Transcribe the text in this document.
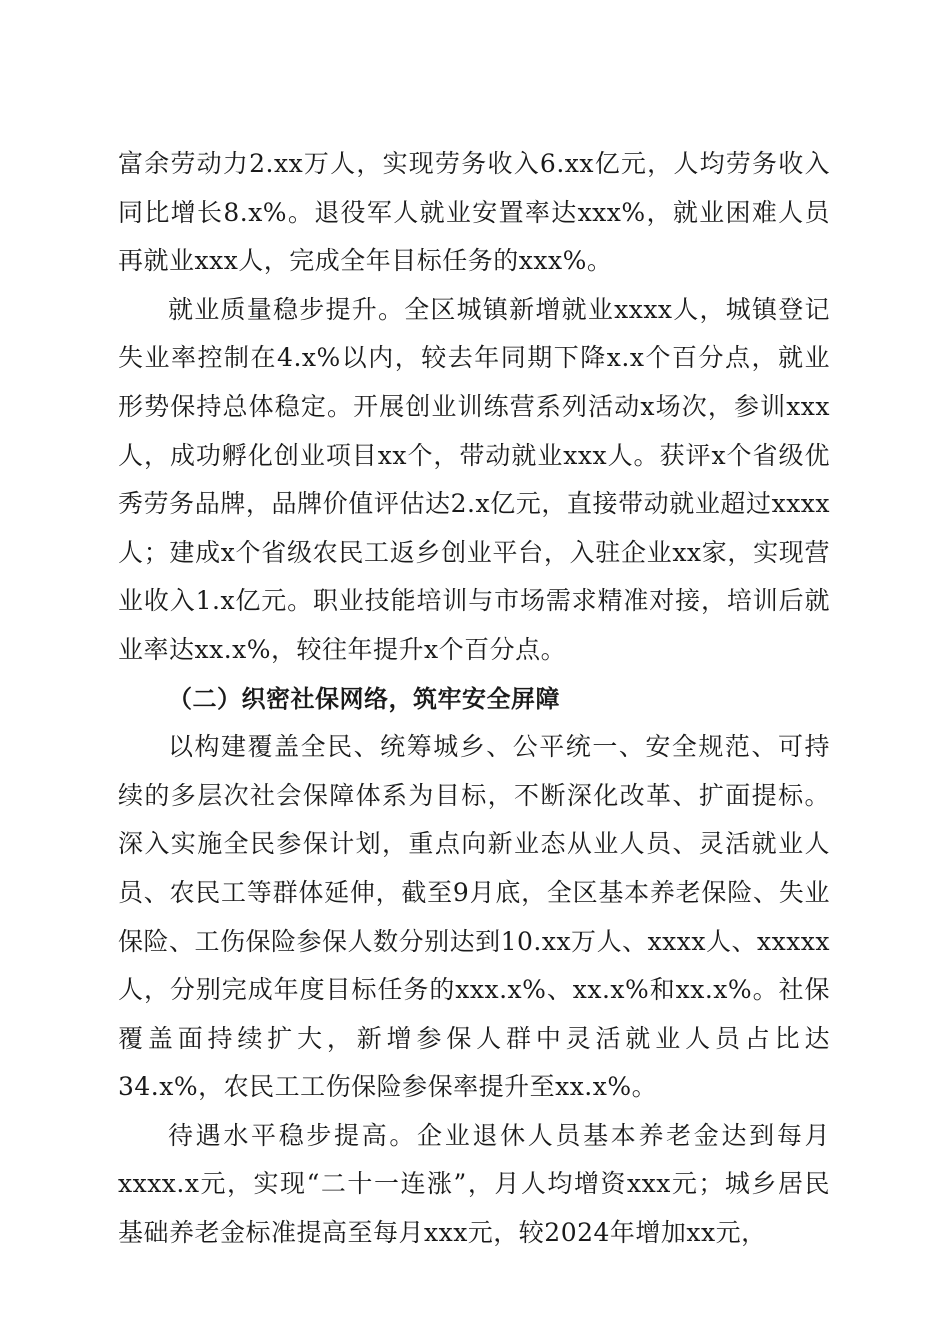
富余劳动力2.xx万人，实现劳务收入6.xx亿元，人均劳务收入同比增长8.x%。退役军人就业安置率达xxx%，就业困难人员再就业xxx人，完成全年目标任务的xxx%。

就业质量稳步提升。全区城镇新增就业xxxx人，城镇登记失业率控制在4.x%以内，较去年同期下降x.x个百分点，就业形势保持总体稳定。开展创业训练营系列活动x场次，参训xxx人，成功孵化创业项目xx个，带动就业xxx人。获评x个省级优秀劳务品牌，品牌价值评估达2.x亿元，直接带动就业超过xxxx人；建成x个省级农民工返乡创业平台，入驻企业xx家，实现营业收入1.x亿元。职业技能培训与市场需求精准对接，培训后就业率达xx.x%，较往年提升x个百分点。

（二）织密社保网络，筑牢安全屏障

以构建覆盖全民、统筹城乡、公平统一、安全规范、可持续的多层次社会保障体系为目标，不断深化改革、扩面提标。深入实施全民参保计划，重点向新业态从业人员、灵活就业人员、农民工等群体延伸，截至9月底，全区基本养老保险、失业保险、工伤保险参保人数分别达到10.xx万人、xxxx人、xxxxx人，分别完成年度目标任务的xxx.x%、xx.x%和xx.x%。社保覆盖面持续扩大，新增参保人群中灵活就业人员占比达34.x%，农民工工伤保险参保率提升至xx.x%。

待遇水平稳步提高。企业退休人员基本养老金达到每月xxxx.x元，实现“二十一连涨”，月人均增资xxx元；城乡居民基础养老金标准提高至每月xxx元，较2024年增加xx元，
